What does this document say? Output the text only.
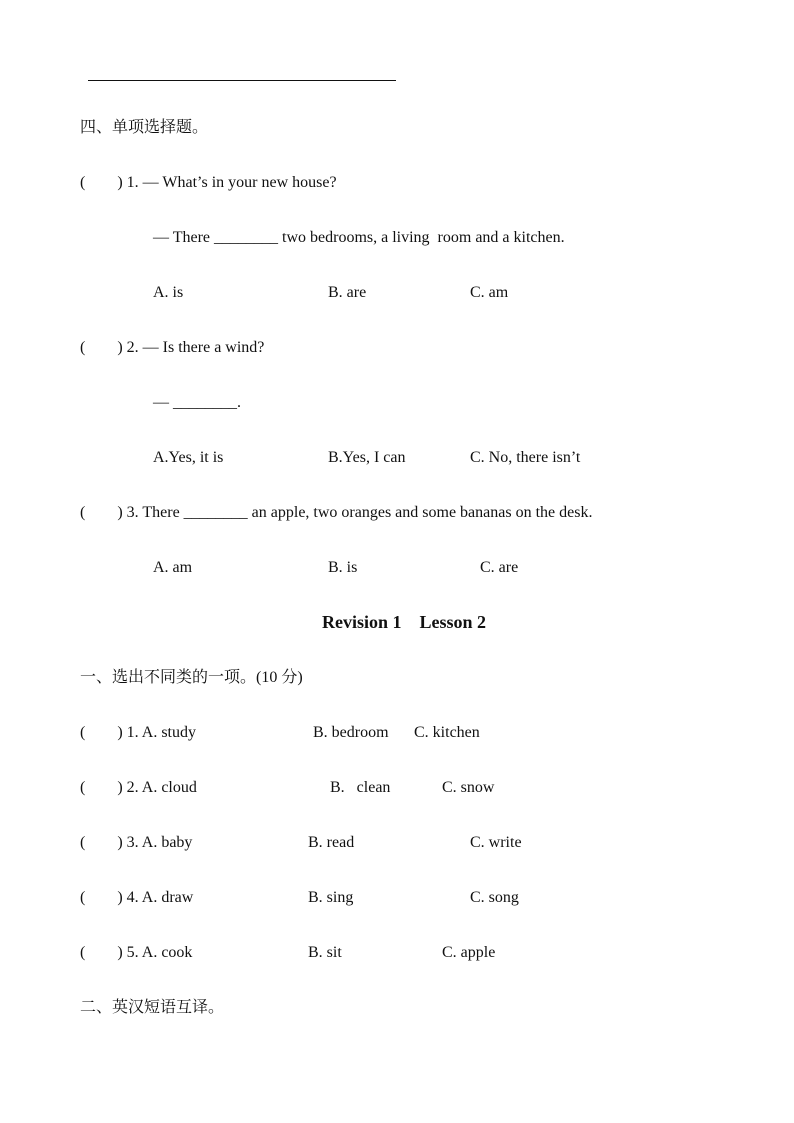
四、单项选择题。
(        ) 1. — What’s in your new house?
— There ________ two bedrooms, a living  room and a kitchen.
A. is	B. are	C. am
(        ) 2. — Is there a wind?
— ________.
A.Yes, it is	B.Yes, I can	C. No, there isn’t
(        ) 3. There ________ an apple, two oranges and some bananas on the desk.
A. am	B. is	C. are
Revision 1    Lesson 2
一、选出不同类的一项。(10 分)
(        ) 1. A. study	B. bedroom C. kitchen
(        ) 2. A. cloud	B.   clean	C. snow
(        ) 3. A. baby	B. read	C. write
(        ) 4. A. draw	B. sing	C. song
(        ) 5. A. cook	B. sit	C. apple
二、英汉短语互译。
